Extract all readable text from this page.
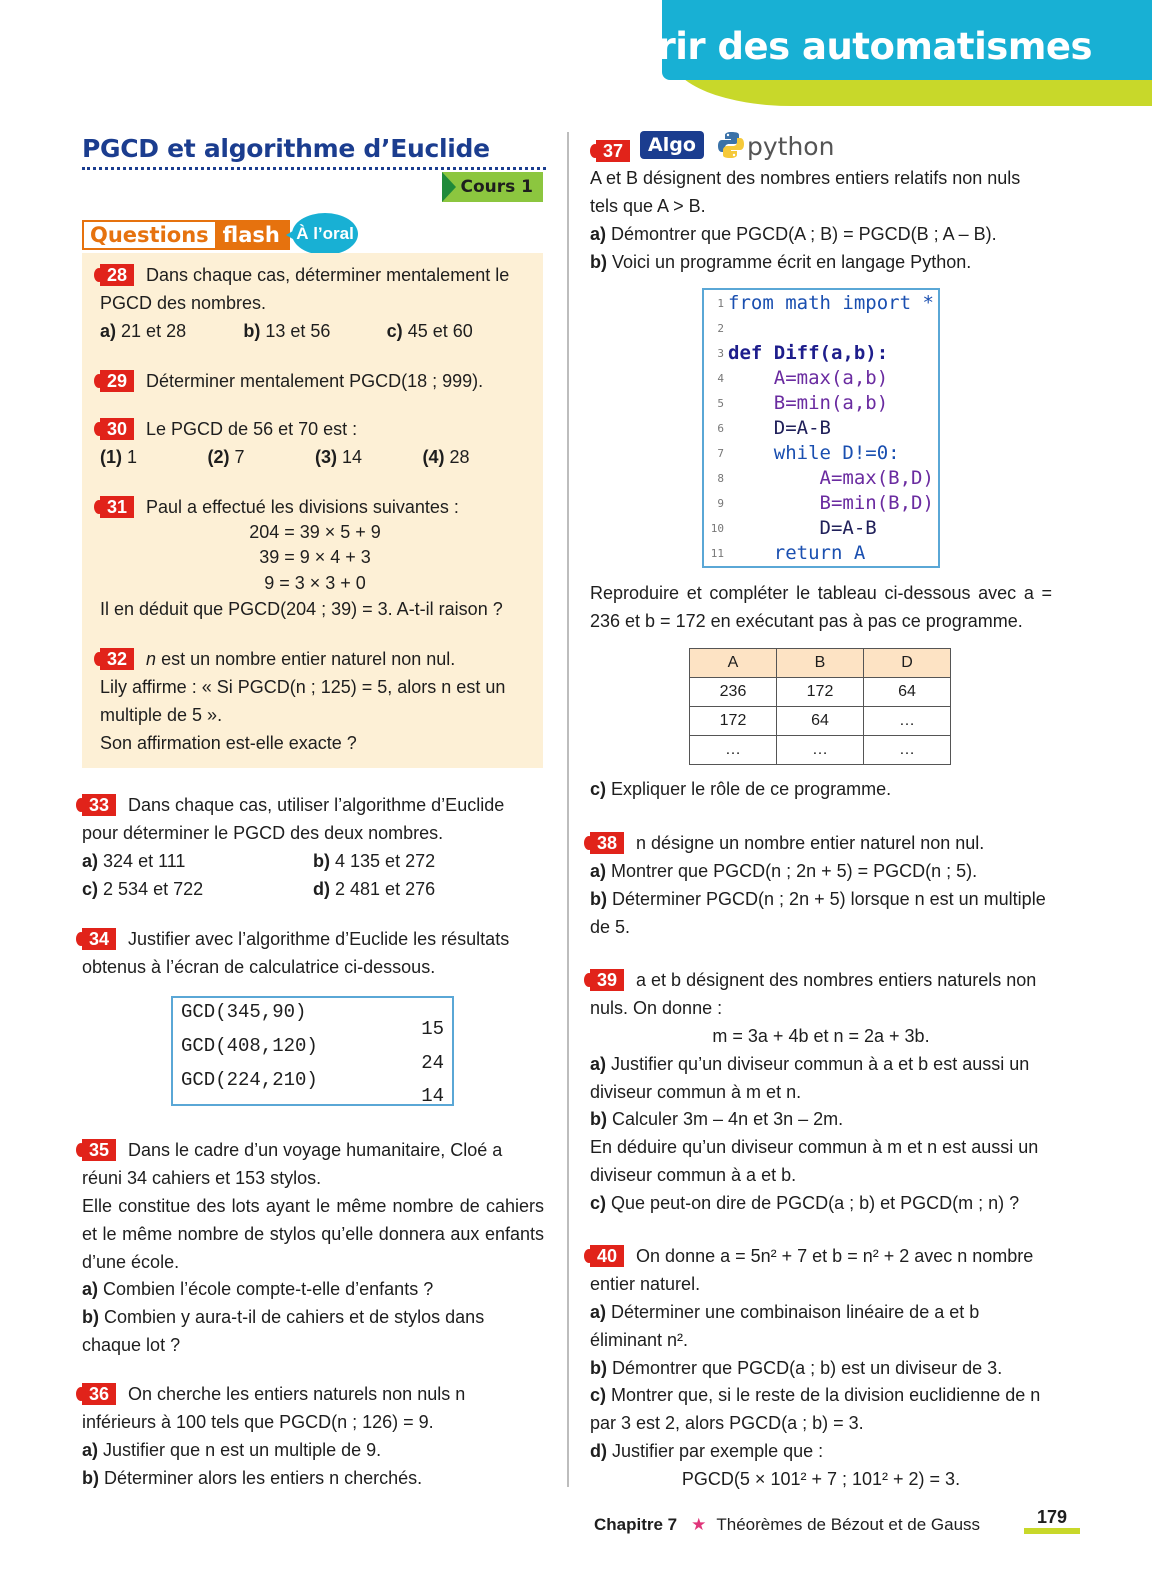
Acquérir des automatismes
PGCD et algorithme d’Euclide
Cours 1
Questions flash À l’oral

28 Dans chaque cas, déterminer mentalement le PGCD des nombres.

a) 21 et 28	b) 13 et 56	c) 45 et 60

29 Déterminer mentalement PGCD(18 ; 999).

30 Le PGCD de 56 et 70 est :

(1) 1	(2) 7	(3) 14	(4) 28

31 Paul a effectué les divisions suivantes :

204 = 39 × 5 + 9
39 = 9 × 4 + 3
9 = 3 × 3 + 0

Il en déduit que PGCD(204 ; 39) = 3. A-t-il raison ?

32 n est un nombre entier naturel non nul.

Lily affirme : « Si PGCD(n ; 125) = 5, alors n est un multiple de 5 ».

Son affirmation est-elle exacte ?

33 Dans chaque cas, utiliser l’algorithme d’Euclide pour déterminer le PGCD des deux nombres.

a) 324 et 111	b) 4 135 et 272
c) 2 534 et 722	d) 2 481 et 276

34 Justifier avec l’algorithme d’Euclide les résultats obtenus à l’écran de calculatrice ci-dessous.

GCD(345,90)
15
GCD(408,120)
24
GCD(224,210)
14

35 Dans le cadre d’un voyage humanitaire, Cloé a réuni 34 cahiers et 153 stylos.

Elle constitue des lots ayant le même nombre de cahiers et le même nombre de stylos qu’elle donnera aux enfants d’une école.

a) Combien l’école compte-t-elle d’enfants ?

b) Combien y aura-t-il de cahiers et de stylos dans chaque lot ?

36 On cherche les entiers naturels non nuls n inférieurs à 100 tels que PGCD(n ; 126) = 9.

a) Justifier que n est un multiple de 9.

b) Déterminer alors les entiers n cherchés.

37	Algo	python

A et B désignent des nombres entiers relatifs non nuls tels que A > B.

a) Démontrer que PGCD(A ; B) = PGCD(B ; A – B).

b) Voici un programme écrit en langage Python.

1 from math import *
2
3 def Diff(a,b):
4    A=max(a,b)
5    B=min(a,b)
6    D=A-B
7    while D!=0:
8        A=max(B,D)
9        B=min(B,D)
10        D=A-B
11    return A

Reproduire et compléter le tableau ci-dessous avec a = 236 et b = 172 en exécutant pas à pas ce programme.

A	B	D
236	172	64
172	64	…
…	…	…

c) Expliquer le rôle de ce programme.

38 n désigne un nombre entier naturel non nul.

a) Montrer que PGCD(n ; 2n + 5) = PGCD(n ; 5).

b) Déterminer PGCD(n ; 2n + 5) lorsque n est un multiple de 5.

39 a et b désignent des nombres entiers naturels non nuls. On donne :

m = 3a + 4b et n = 2a + 3b.

a) Justifier qu’un diviseur commun à a et b est aussi un diviseur commun à m et n.

b) Calculer 3m – 4n et 3n – 2m.

En déduire qu’un diviseur commun à m et n est aussi un diviseur commun à a et b.

c) Que peut-on dire de PGCD(a ; b) et PGCD(m ; n) ?

40 On donne a = 5n² + 7 et b = n² + 2 avec n nombre entier naturel.

a) Déterminer une combinaison linéaire de a et b éliminant n².

b) Démontrer que PGCD(a ; b) est un diviseur de 3.

c) Montrer que, si le reste de la division euclidienne de n par 3 est 2, alors PGCD(a ; b) = 3.

d) Justifier par exemple que :

PGCD(5 × 101² + 7 ; 101² + 2) = 3.

Chapitre 7 ★ Théorèmes de Bézout et de Gauss	179
